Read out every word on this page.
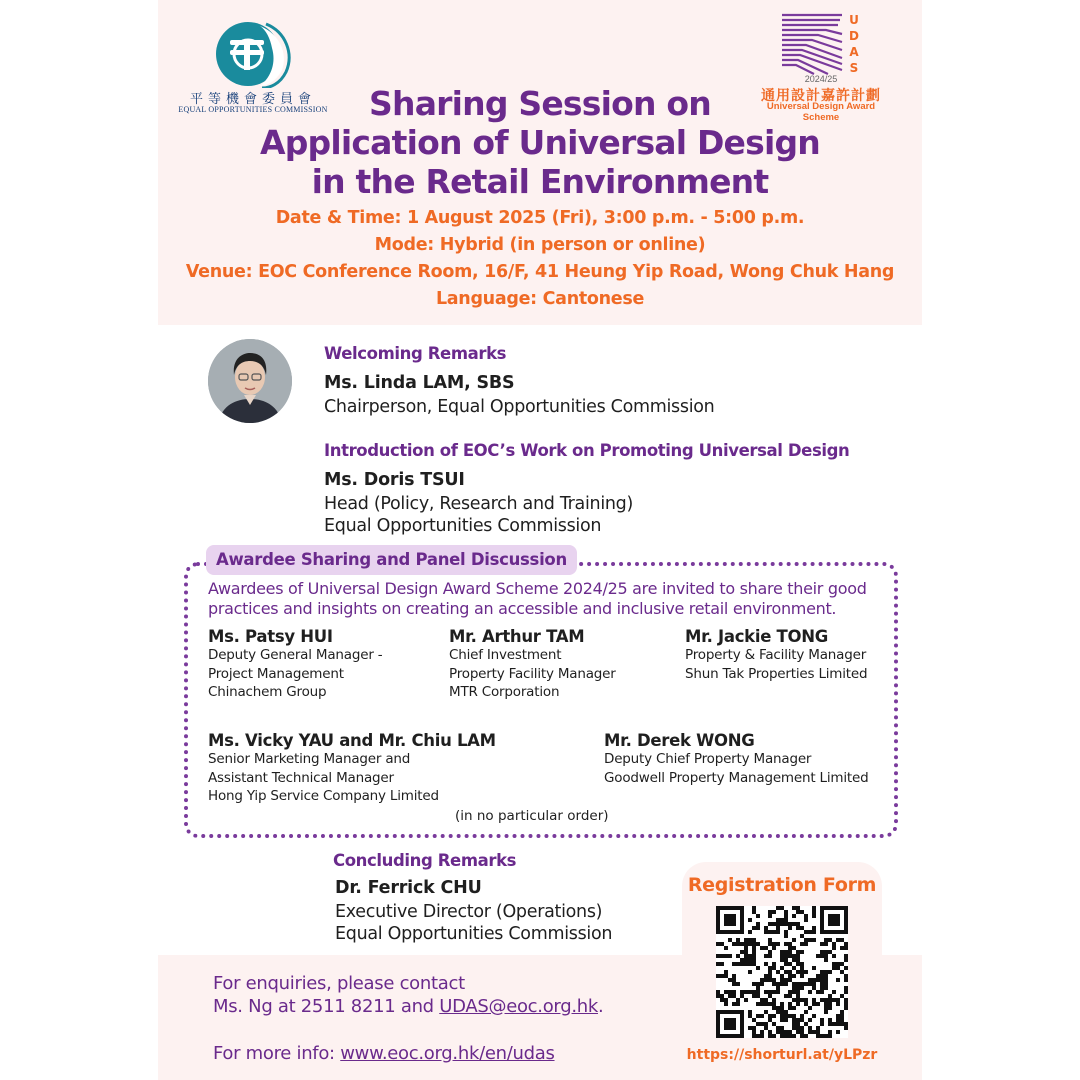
平等機會委員會
EQUAL OPPORTUNITIES COMMISSION
U
D
A
S
2024/25
通用設計嘉許計劃
Universal Design Award Scheme
Sharing Session on
Application of Universal Design
in the Retail Environment
Date & Time: 1 August 2025 (Fri), 3:00 p.m. - 5:00 p.m.
Mode: Hybrid (in person or online)
Venue: EOC Conference Room, 16/F, 41 Heung Yip Road, Wong Chuk Hang
Language: Cantonese
Welcoming Remarks
Ms. Linda LAM, SBS
Chairperson, Equal Opportunities Commission
Introduction of EOC’s Work on Promoting Universal Design
Ms. Doris TSUI
Head (Policy, Research and Training)
Equal Opportunities Commission
Awardee Sharing and Panel Discussion
Awardees of Universal Design Award Scheme 2024/25 are invited to share their good
practices and insights on creating an accessible and inclusive retail environment.
Ms. Patsy HUI
Deputy General Manager -
Project Management
Chinachem Group
Mr. Arthur TAM
Chief Investment
Property Facility Manager
MTR Corporation
Mr. Jackie TONG
Property & Facility Manager
Shun Tak Properties Limited
Ms. Vicky YAU and Mr. Chiu LAM
Senior Marketing Manager and
Assistant Technical Manager
Hong Yip Service Company Limited
Mr. Derek WONG
Deputy Chief Property Manager
Goodwell Property Management Limited
(in no particular order)
Concluding Remarks
Dr. Ferrick CHU
Executive Director (Operations)
Equal Opportunities Commission
For enquiries, please contact
Ms. Ng at 2511 8211 and UDAS@eoc.org.hk.
For more info: www.eoc.org.hk/en/udas
Registration Form
https://shorturl.at/yLPzr
